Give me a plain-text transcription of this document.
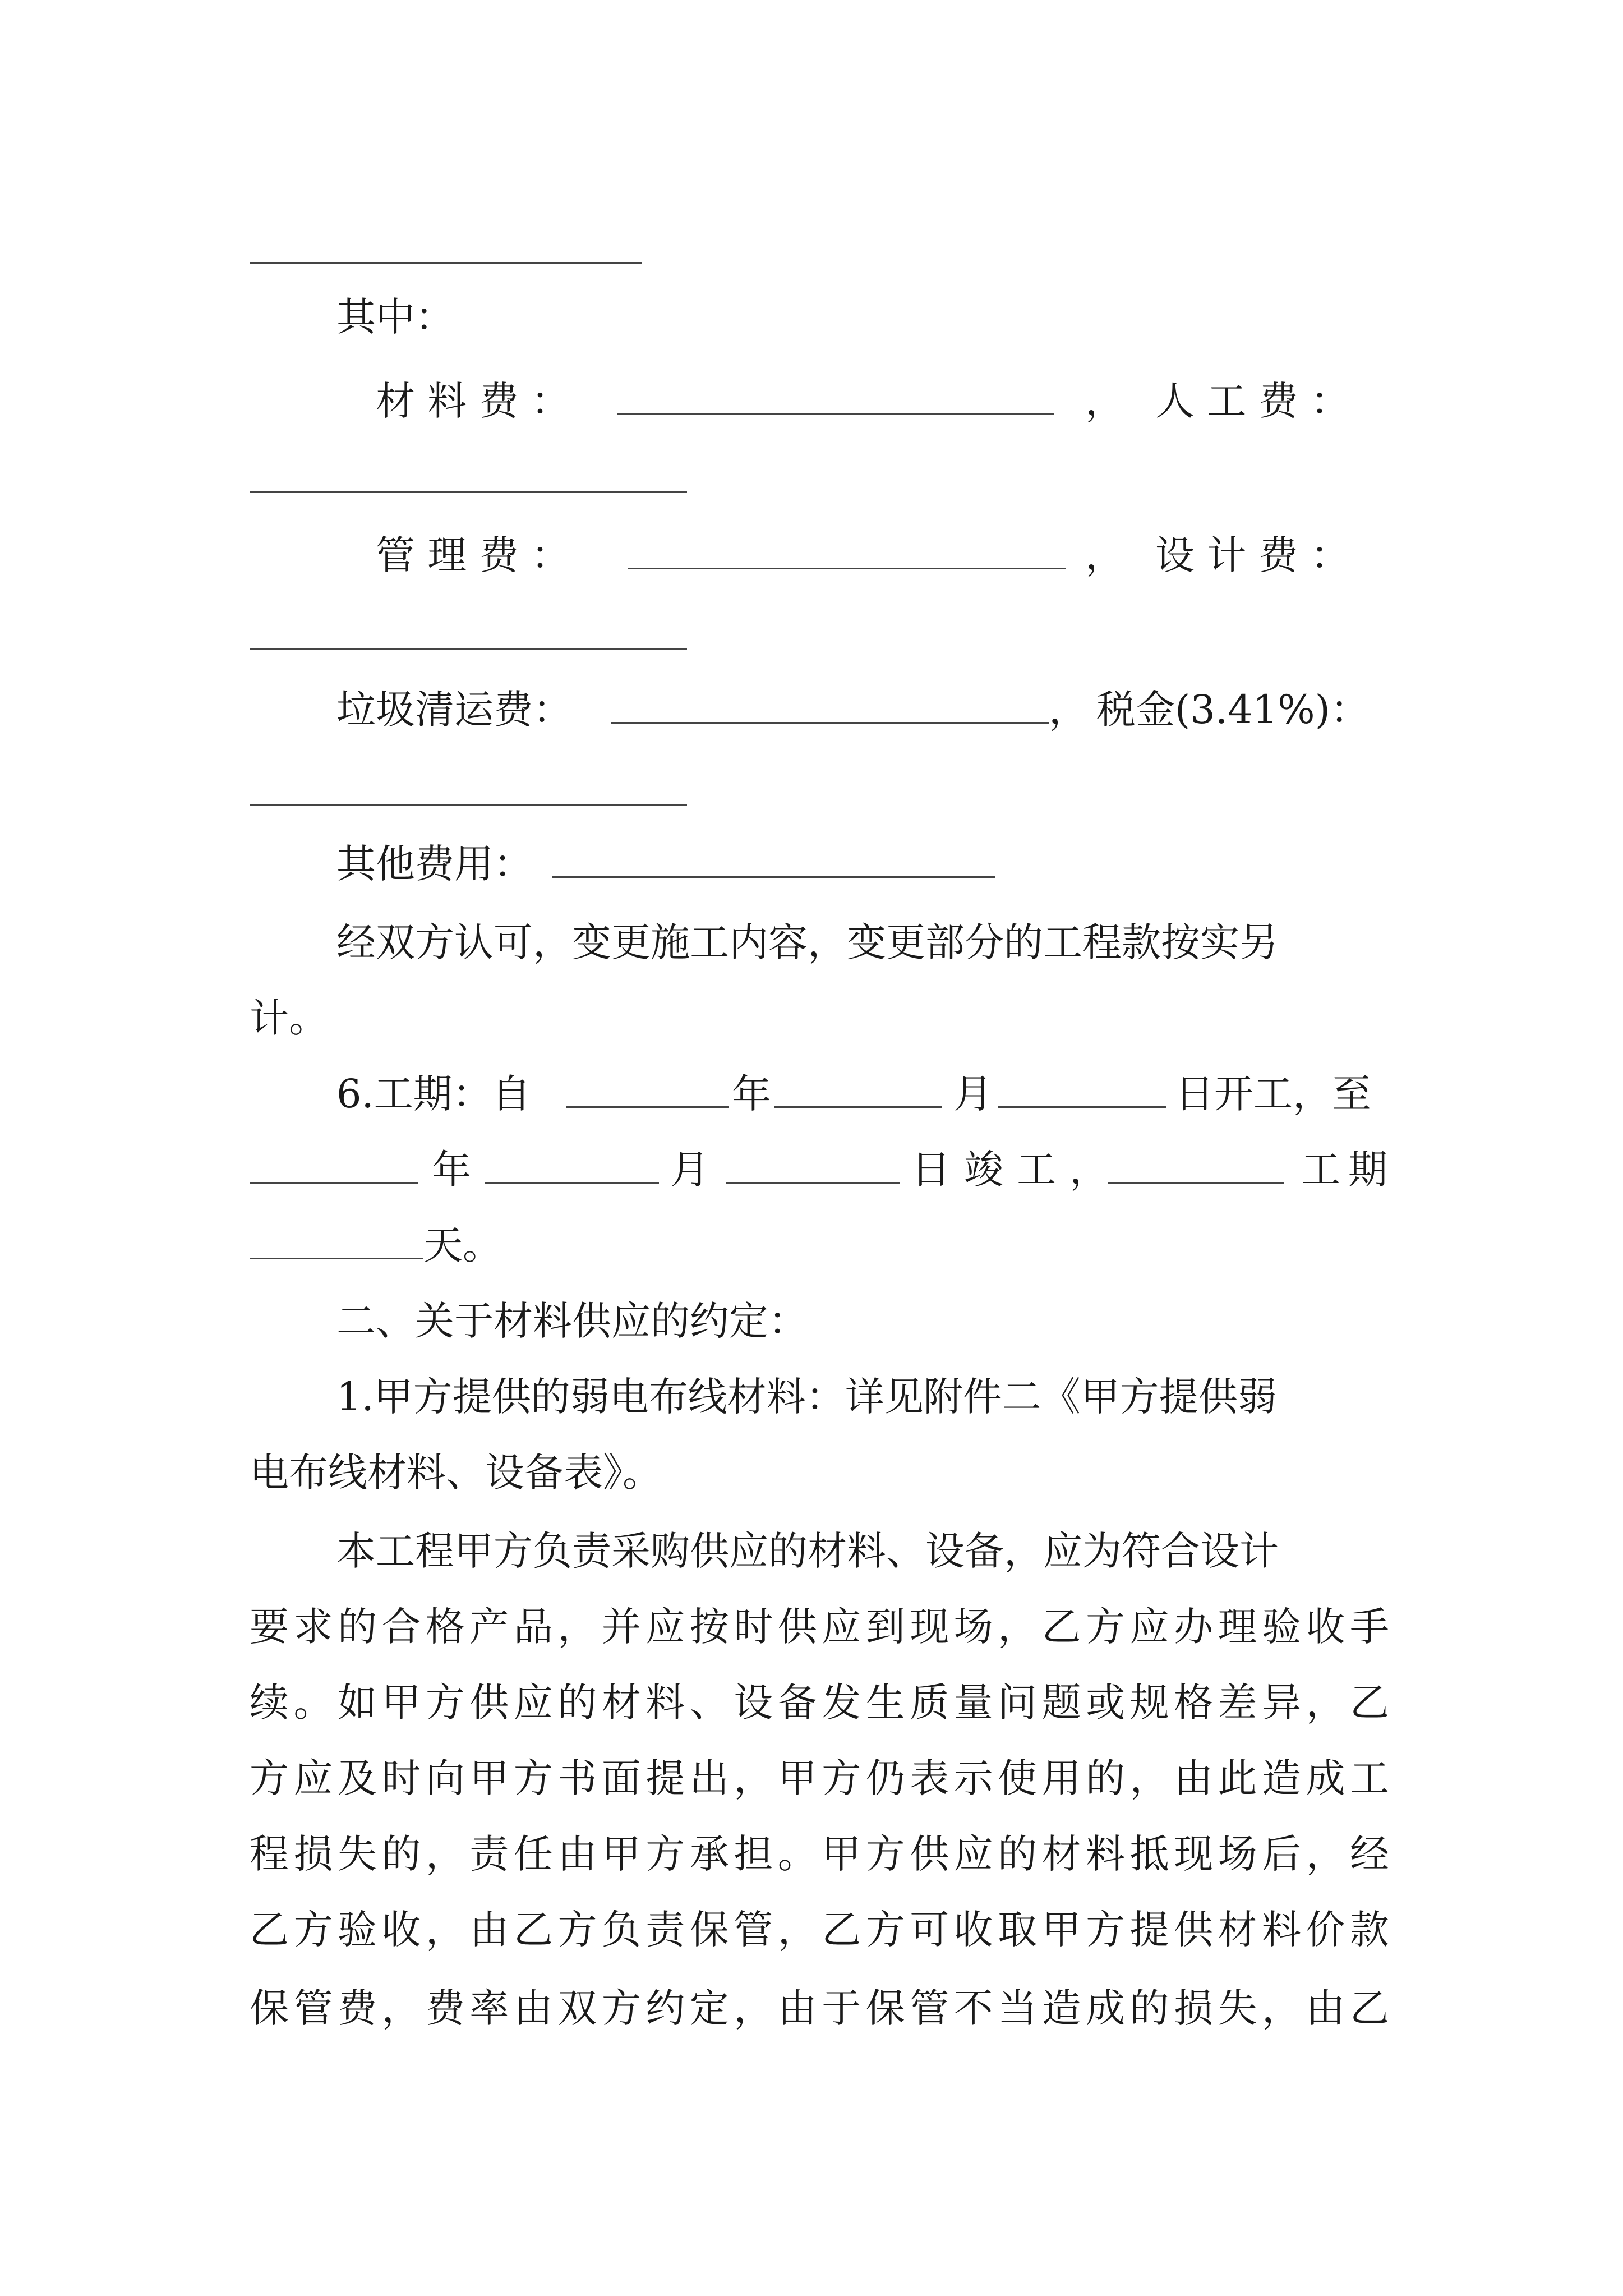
其中：
材 料 费 ：	， 人 工 费 ：
管 理 费 ：	， 设 计 费 ：
垃圾清运费：	， 税金(3.41%)：
其他费用：
经双方认可，变更施工内容，变更部分的工程款按实另
计。
6.工期：自	年	月	日开工，至
年	月	日竣工，	工期
天。
二、关于材料供应的约定：
1.甲方提供的弱电布线材料：详见附件二《甲方提供弱
电布线材料、设备表》。
本工程甲方负责采购供应的材料、设备，应为符合设计
要求的合格产品，并应按时供应到现场，乙方应办理验收手
续。如甲方供应的材料、设备发生质量问题或规格差异，乙
方应及时向甲方书面提出，甲方仍表示使用的，由此造成工
程损失的，责任由甲方承担。甲方供应的材料抵现场后，经
乙方验收，由乙方负责保管，乙方可收取甲方提供材料价款
保管费，费率由双方约定，由于保管不当造成的损失，由乙
